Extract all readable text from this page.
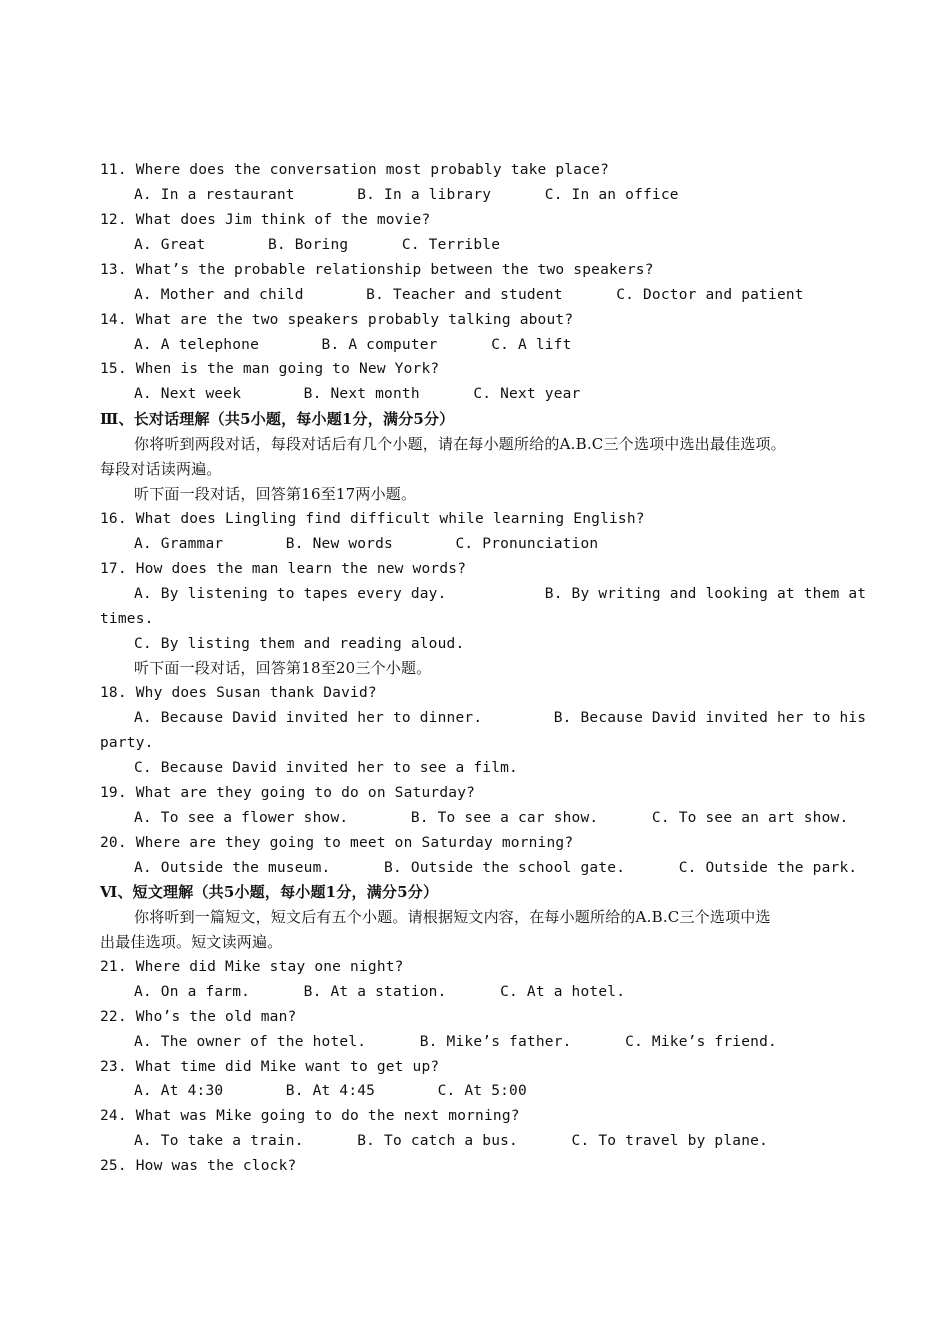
11. Where does the conversation most probably take place?
A. In a restaurant       B. In a library      C. In an office
12. What does Jim think of the movie?
A. Great       B. Boring      C. Terrible
13. What’s the probable relationship between the two speakers?
A. Mother and child       B. Teacher and student      C. Doctor and patient
14. What are the two speakers probably talking about?
A. A telephone       B. A computer      C. A lift
15. When is the man going to New York?
A. Next week       B. Next month      C. Next year
Ⅲ、长对话理解（共5小题，每小题1分，满分5分）
你将听到两段对话，每段对话后有几个小题，请在每小题所给的A.B.C三个选项中选出最佳选项。
每段对话读两遍。
听下面一段对话，回答第16至17两小题。
16. What does Lingling find difficult while learning English?
A. Grammar       B. New words       C. Pronunciation
17. How does the man learn the new words?
A. By listening to tapes every day.           B. By writing and looking at them at
times.
C. By listing them and reading aloud.
听下面一段对话，回答第18至20三个小题。
18. Why does Susan thank David?
A. Because David invited her to dinner.        B. Because David invited her to his
party.
C. Because David invited her to see a film.
19. What are they going to do on Saturday?
A. To see a flower show.       B. To see a car show.      C. To see an art show.
20. Where are they going to meet on Saturday morning?
A. Outside the museum.      B. Outside the school gate.      C. Outside the park.
Ⅵ、短文理解（共5小题，每小题1分，满分5分）
你将听到一篇短文，短文后有五个小题。请根据短文内容，在每小题所给的A.B.C三个选项中选
出最佳选项。短文读两遍。
21. Where did Mike stay one night?
A. On a farm.      B. At a station.      C. At a hotel.
22. Who’s the old man?
A. The owner of the hotel.      B. Mike’s father.      C. Mike’s friend.
23. What time did Mike want to get up?
A. At 4:30       B. At 4:45       C. At 5:00
24. What was Mike going to do the next morning?
A. To take a train.      B. To catch a bus.      C. To travel by plane.
25. How was the clock?
